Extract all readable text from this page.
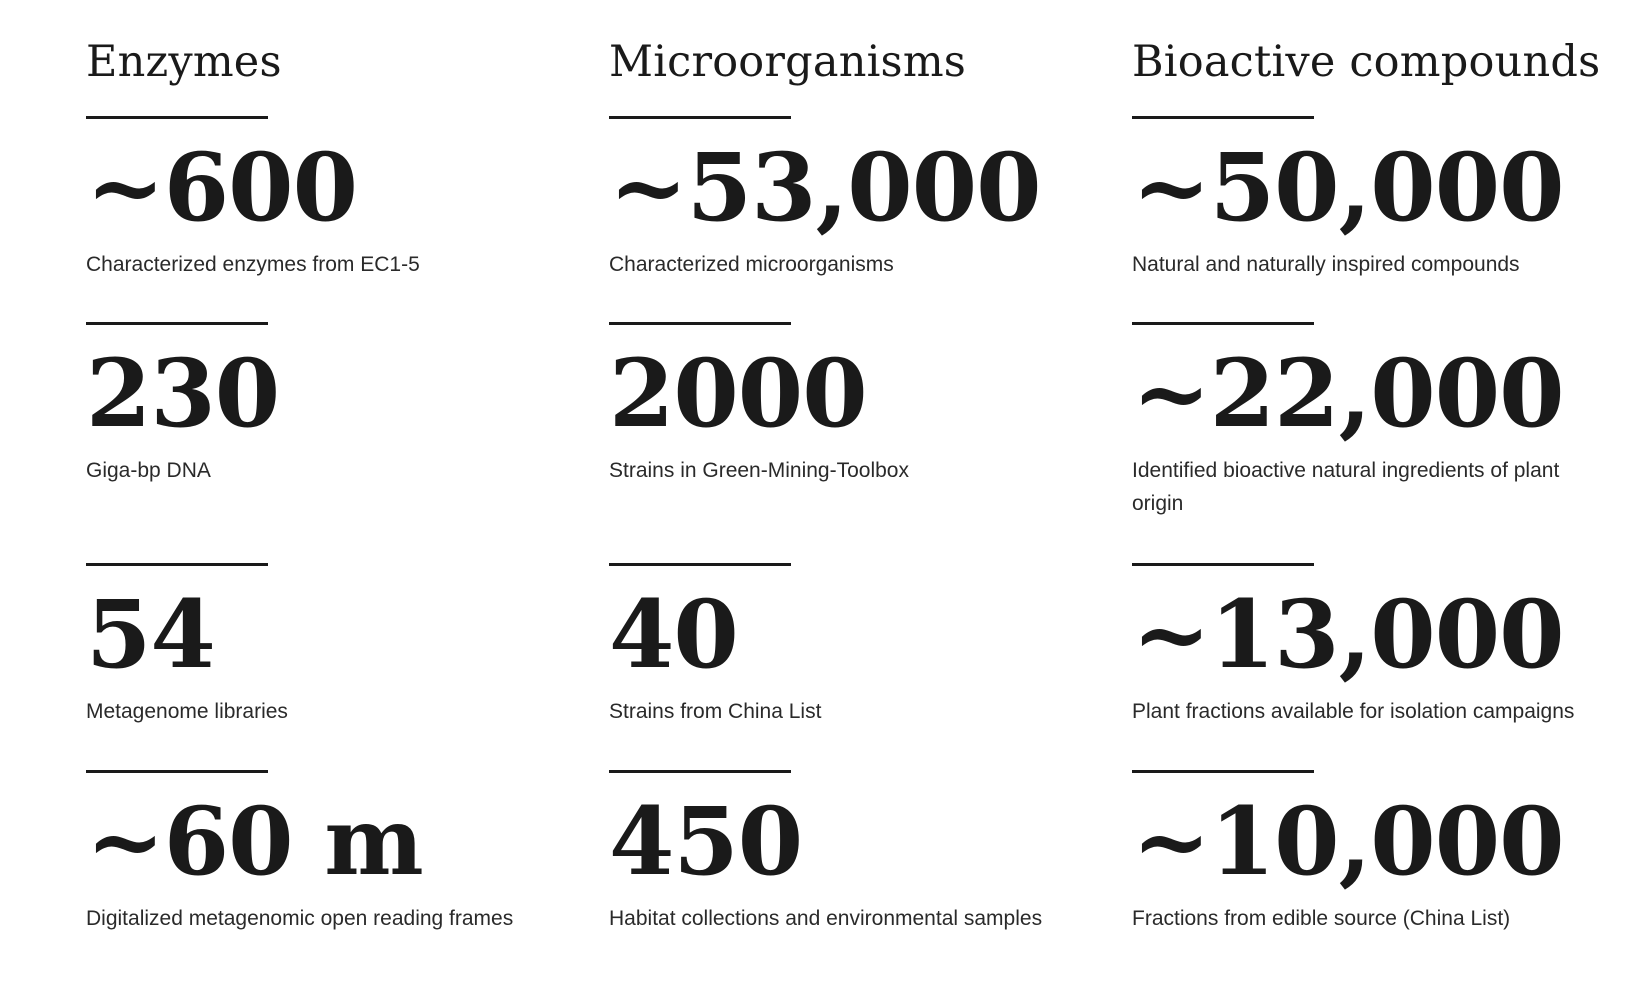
Enzymes
~600
Characterized enzymes from EC1-5
230
Giga-bp DNA
54
Metagenome libraries
~60 m
Digitalized metagenomic open reading frames
Microorganisms
~53,000
Characterized microorganisms
2000
Strains in Green-Mining-Toolbox
40
Strains from China List
450
Habitat collections and environmental samples
Bioactive compounds
~50,000
Natural and naturally inspired compounds
~22,000
Identified bioactive natural ingredients of plant origin
~13,000
Plant fractions available for isolation campaigns
~10,000
Fractions from edible source (China List)
